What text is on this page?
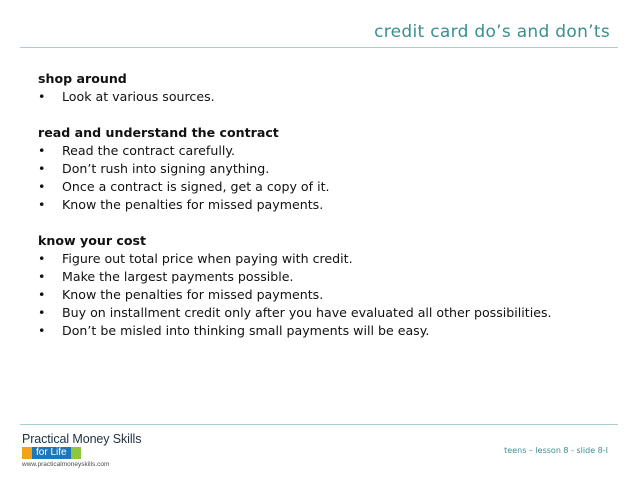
credit card do’s and don’ts
shop around
•	Look at various sources.
read and understand the contract
•	Read the contract carefully.
•	Don’t rush into signing anything.
•	Once a contract is signed, get a copy of it.
•	Know the penalties for missed payments.
know your cost
•	Figure out total price when paying with credit.
•	Make the largest payments possible.
•	Know the penalties for missed payments.
•	Buy on installment credit only after you have evaluated all other possibilities.
•	Don’t be misled into thinking small payments will be easy.
Practical Money Skills
for Life
www.practicalmoneyskills.com
teens – lesson 8 - slide 8-I
